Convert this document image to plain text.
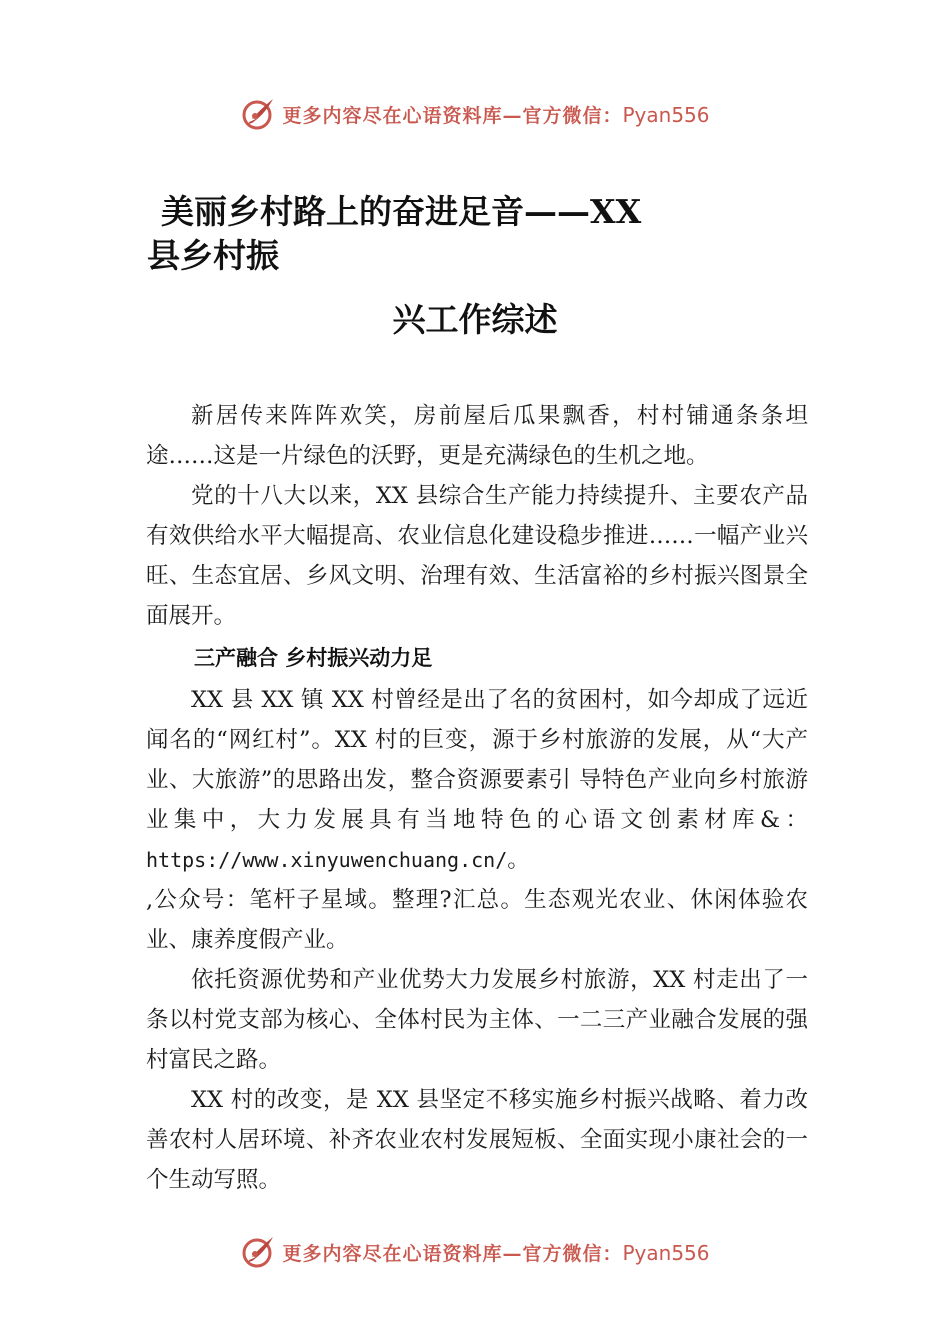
更多内容尽在心语资料库—官方微信：Pyan556
美丽乡村路上的奋进足音——XX
县乡村振
兴工作综述

新居传来阵阵欢笑，房前屋后瓜果飘香，村村铺通条条坦途……这是一片绿色的沃野，更是充满绿色的生机之地。

党的十八大以来，XX 县综合生产能力持续提升、主要农产品有效供给水平大幅提高、农业信息化建设稳步推进……一幅产业兴旺、生态宜居、乡风文明、治理有效、生活富裕的乡村振兴图景全面展开。

三产融合 乡村振兴动力足

XX 县 XX 镇 XX 村曾经是出了名的贫困村，如今却成了远近闻名的“网红村”。XX 村的巨变，源于乡村旅游的发展，从“大产业、大旅游”的思路出发，整合资源要素引 导特色产业向乡村旅游业集中，大力发展具有当地特色的心语文创素材库&：https://www.xinyuwenchuang.cn/。

,公众号：笔杆子星域。整理?汇总。生态观光农业、休闲体验农业、康养度假产业。

依托资源优势和产业优势大力发展乡村旅游，XX 村走出了一条以村党支部为核心、全体村民为主体、一二三产业融合发展的强村富民之路。

XX 村的改变，是 XX 县坚定不移实施乡村振兴战略、着力改善农村人居环境、补齐农业农村发展短板、全面实现小康社会的一个生动写照。

更多内容尽在心语资料库—官方微信：Pyan556
